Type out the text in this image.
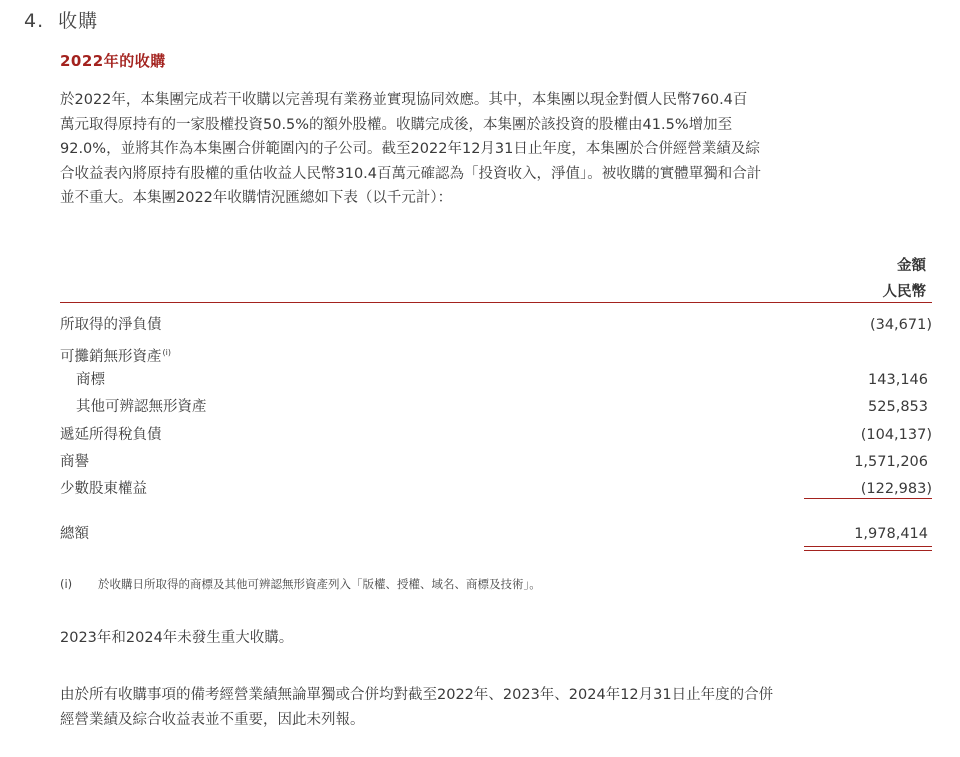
4. 收購
2022年的收購

於2022年，本集團完成若干收購以完善現有業務並實現協同效應。其中，本集團以現金對價人民幣760.4百
萬元取得原持有的一家股權投資50.5%的額外股權。收購完成後，本集團於該投資的股權由41.5%增加至
92.0%，並將其作為本集團合併範圍內的子公司。截至2022年12月31日止年度，本集團於合併經營業績及綜
合收益表內將原持有股權的重估收益人民幣310.4百萬元確認為「投資收入，淨值」。被收購的實體單獨和合計
並不重大。本集團2022年收購情況匯總如下表（以千元計）：

金額
人民幣
所取得的淨負債	(34,671)
可攤銷無形資產$^{(i)}$
商標	143,146
其他可辨認無形資產	525,853
遞延所得稅負債	(104,137)
商譽	1,571,206
少數股東權益	(122,983)
總額	1,978,414
(i) 於收購日所取得的商標及其他可辨認無形資產列入「版權、授權、域名、商標及技術」。

2023年和2024年未發生重大收購。

由於所有收購事項的備考經營業績無論單獨或合併均對截至2022年、2023年、2024年12月31日止年度的合併
經營業績及綜合收益表並不重要，因此未列報。
